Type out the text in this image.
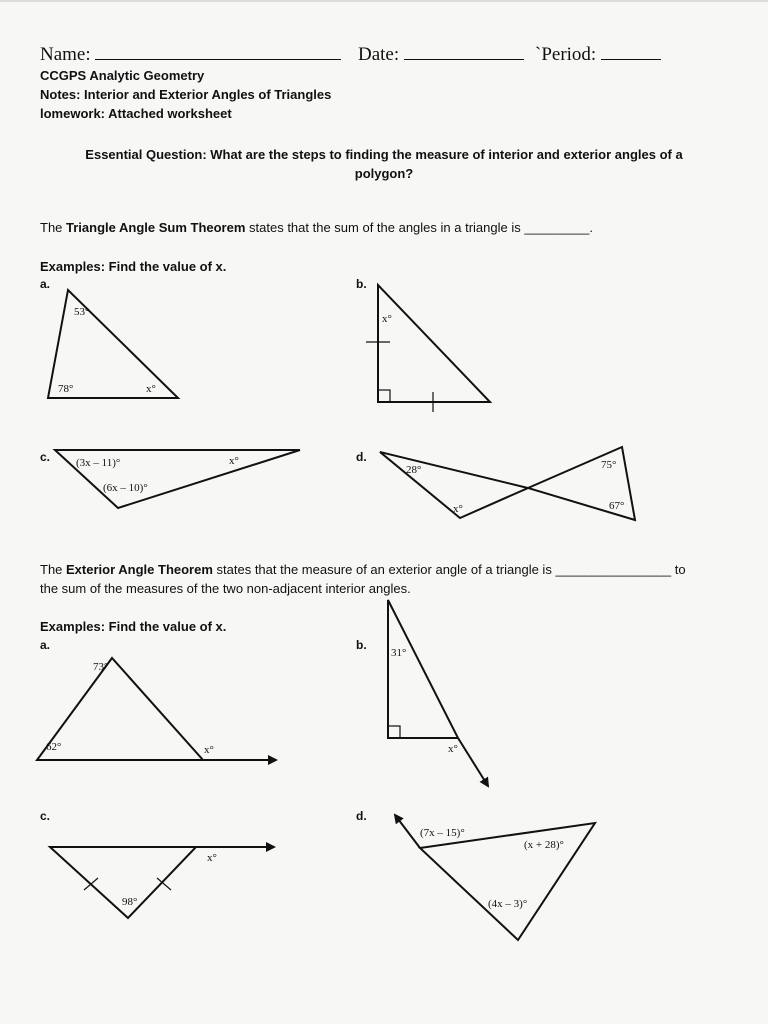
Name:	Date:	`Period:
CCGPS Analytic Geometry
Notes: Interior and Exterior Angles of Triangles
lomework: Attached worksheet
Essential Question: What are the steps to finding the measure of interior and exterior angles of a polygon?
The Triangle Angle Sum Theorem states that the sum of the angles in a triangle is _________.
Examples: Find the value of x.
a.	b.
c.	d.
The Exterior Angle Theorem states that the measure of an exterior angle of a triangle is ________________ to
the sum of the measures of the two non-adjacent interior angles.
Examples: Find the value of x.
a.	b.
c.	d.
53°
78°	x°
x°
(3x – 11)°	x°
(6x – 10)°
28°	75°
x°	67°
73°
62°	x°
31°
x°
x°
98°
(7x – 15)°
(x + 28)°
(4x – 3)°
